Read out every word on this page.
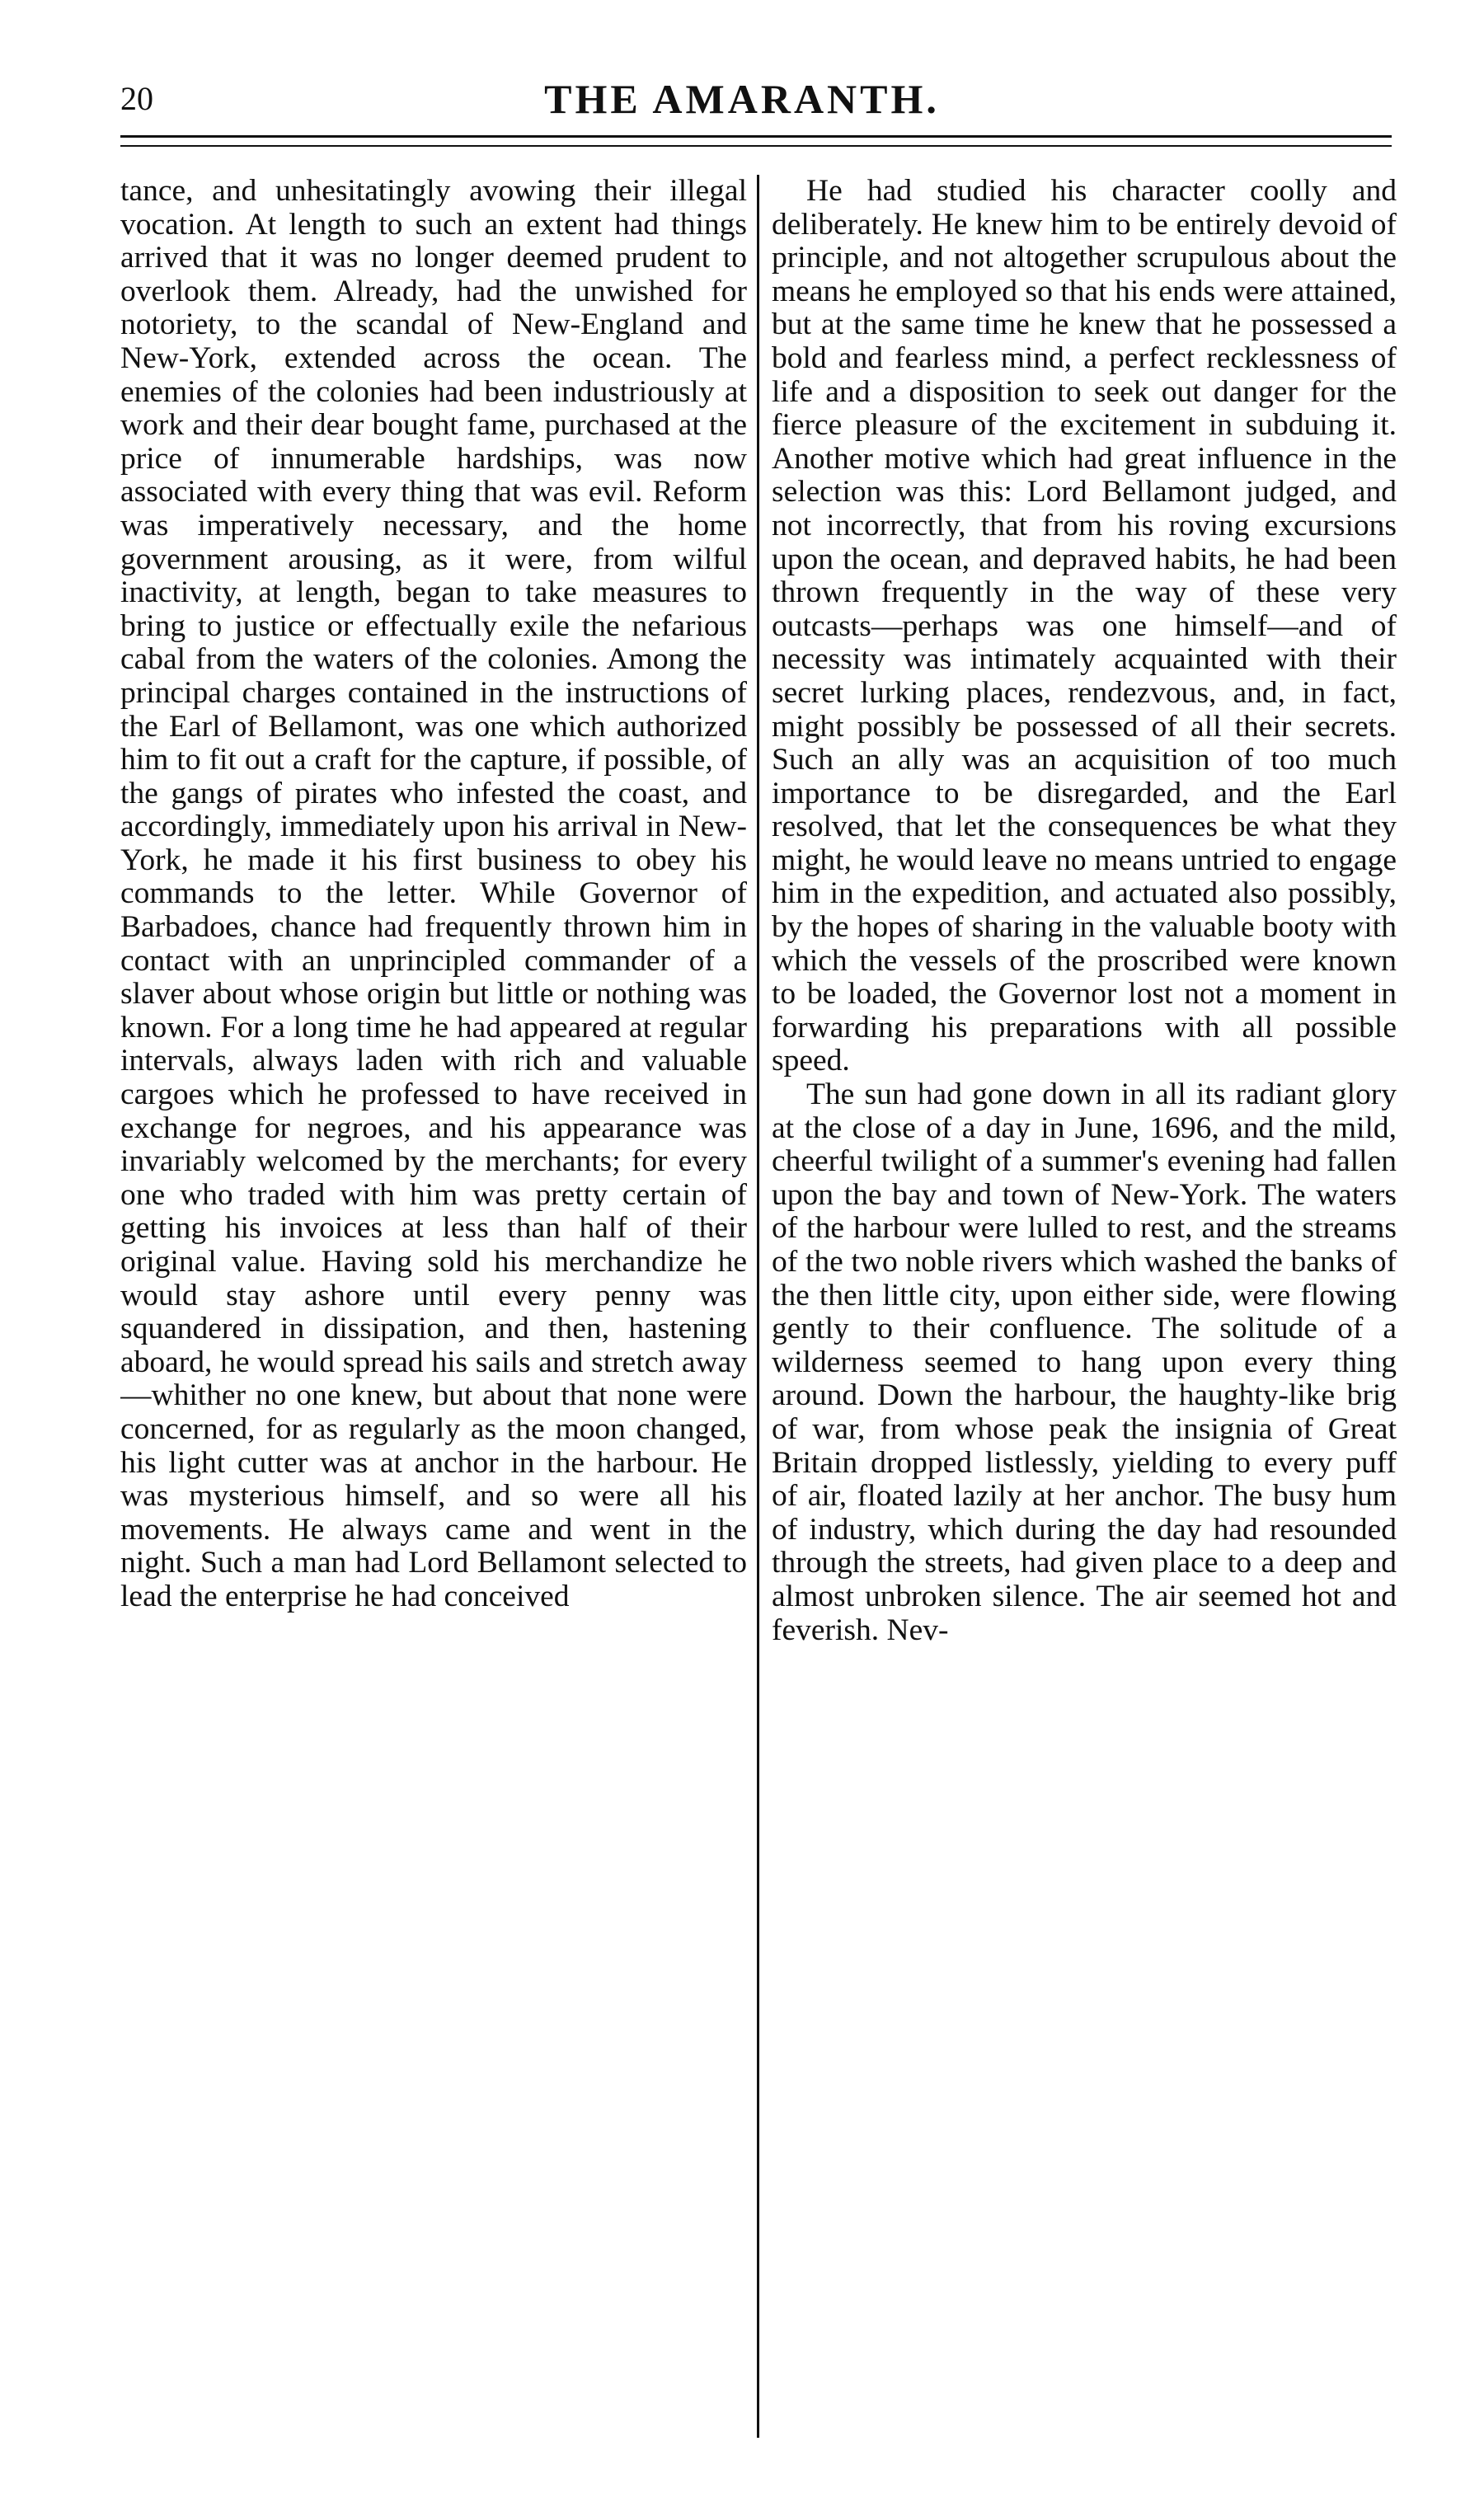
20	THE AMARANTH.

tance, and unhesitatingly avowing their illegal vocation. At length to such an extent had things arrived that it was no longer deemed prudent to overlook them. Already, had the unwished for notoriety, to the scandal of New-England and New-York, extended across the ocean. The enemies of the colonies had been industriously at work and their dear bought fame, purchased at the price of innumerable hardships, was now associated with every thing that was evil. Reform was imperatively necessary, and the home government arousing, as it were, from wilful inactivity, at length, began to take measures to bring to justice or effectually exile the nefarious cabal from the waters of the colonies. Among the principal charges contained in the instructions of the Earl of Bellamont, was one which authorized him to fit out a craft for the capture, if possible, of the gangs of pirates who infested the coast, and accordingly, immediately upon his arrival in New-York, he made it his first business to obey his commands to the letter. While Governor of Barbadoes, chance had frequently thrown him in contact with an unprincipled commander of a slaver about whose origin but little or nothing was known. For a long time he had appeared at regular intervals, always laden with rich and valuable cargoes which he professed to have received in exchange for negroes, and his appearance was invariably welcomed by the merchants; for every one who traded with him was pretty certain of getting his invoices at less than half of their original value. Having sold his merchandize he would stay ashore until every penny was squandered in dissipation, and then, hastening aboard, he would spread his sails and stretch away —whither no one knew, but about that none were concerned, for as regularly as the moon changed, his light cutter was at anchor in the harbour. He was mysterious himself, and so were all his movements. He always came and went in the night. Such a man had Lord Bellamont selected to lead the enterprise he had conceived

He had studied his character coolly and deliberately. He knew him to be entirely devoid of principle, and not altogether scrupulous about the means he employed so that his ends were attained, but at the same time he knew that he possessed a bold and fearless mind, a perfect recklessness of life and a disposition to seek out danger for the fierce pleasure of the excitement in subduing it. Another motive which had great influence in the selection was this: Lord Bellamont judged, and not incorrectly, that from his roving excursions upon the ocean, and depraved habits, he had been thrown frequently in the way of these very outcasts—perhaps was one himself—and of necessity was intimately acquainted with their secret lurking places, rendezvous, and, in fact, might possibly be possessed of all their secrets. Such an ally was an acquisition of too much importance to be disregarded, and the Earl resolved, that let the consequences be what they might, he would leave no means untried to engage him in the expedition, and actuated also possibly, by the hopes of sharing in the valuable booty with which the vessels of the proscribed were known to be loaded, the Governor lost not a moment in forwarding his preparations with all possible speed.

The sun had gone down in all its radiant glory at the close of a day in June, 1696, and the mild, cheerful twilight of a summer's evening had fallen upon the bay and town of New-York. The waters of the harbour were lulled to rest, and the streams of the two noble rivers which washed the banks of the then little city, upon either side, were flowing gently to their confluence. The solitude of a wilderness seemed to hang upon every thing around. Down the harbour, the haughty-like brig of war, from whose peak the insignia of Great Britain dropped listlessly, yielding to every puff of air, floated lazily at her anchor. The busy hum of industry, which during the day had resounded through the streets, had given place to a deep and almost unbroken silence. The air seemed hot and feverish. Nev-
